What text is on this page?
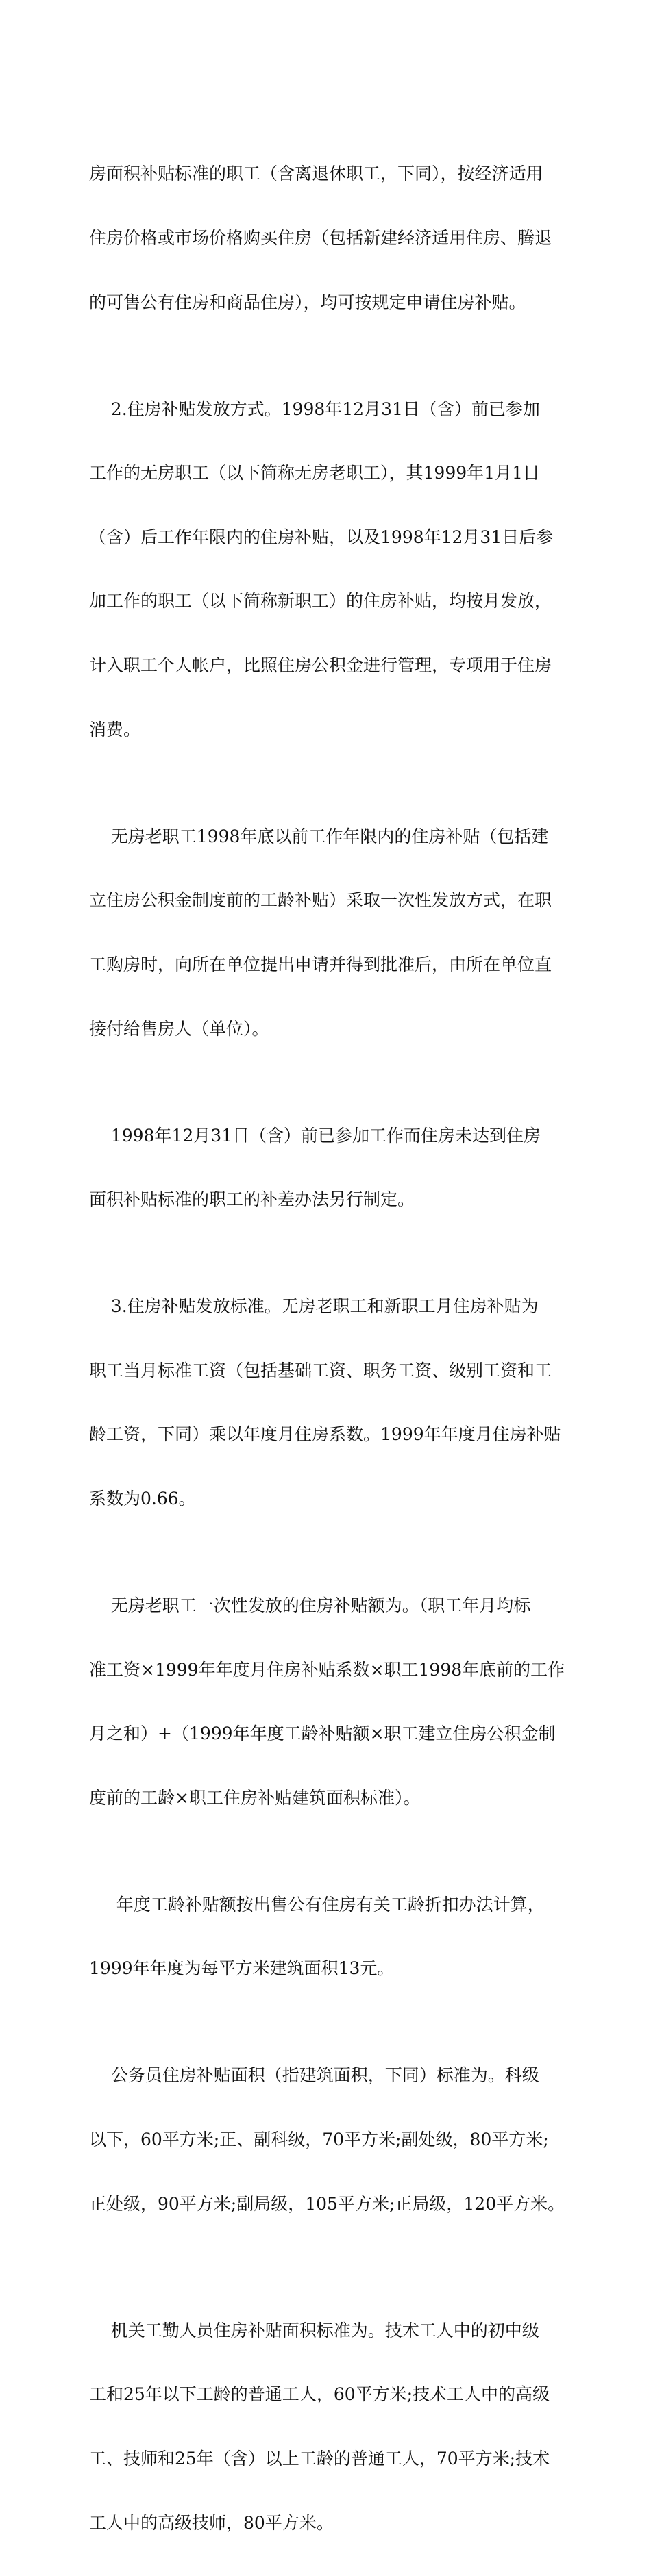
房面积补贴标准的职工（含离退休职工，下同），按经济适用

住房价格或市场价格购买住房（包括新建经济适用住房、腾退

的可售公有住房和商品住房），均可按规定申请住房补贴。

2.住房补贴发放方式。1998年12月31日（含）前已参加

工作的无房职工（以下简称无房老职工），其1999年1月1日

（含）后工作年限内的住房补贴，以及1998年12月31日后参

加工作的职工（以下简称新职工）的住房补贴，均按月发放，

计入职工个人帐户，比照住房公积金进行管理，专项用于住房

消费。

无房老职工1998年底以前工作年限内的住房补贴（包括建

立住房公积金制度前的工龄补贴）采取一次性发放方式，在职

工购房时，向所在单位提出申请并得到批准后，由所在单位直

接付给售房人（单位）。

1998年12月31日（含）前已参加工作而住房未达到住房

面积补贴标准的职工的补差办法另行制定。

3.住房补贴发放标准。无房老职工和新职工月住房补贴为

职工当月标准工资（包括基础工资、职务工资、级别工资和工

龄工资，下同）乘以年度月住房系数。1999年年度月住房补贴

系数为0.66。

无房老职工一次性发放的住房补贴额为。（职工年月均标

准工资×1999年年度月住房补贴系数×职工1998年底前的工作

月之和）+（1999年年度工龄补贴额×职工建立住房公积金制

度前的工龄×职工住房补贴建筑面积标准）。

年度工龄补贴额按出售公有住房有关工龄折扣办法计算，

1999年年度为每平方米建筑面积13元。

公务员住房补贴面积（指建筑面积，下同）标准为。科级

以下，60平方米;正、副科级，70平方米;副处级，80平方米;

正处级，90平方米;副局级，105平方米;正局级，120平方米。

机关工勤人员住房补贴面积标准为。技术工人中的初中级

工和25年以下工龄的普通工人，60平方米;技术工人中的高级

工、技师和25年（含）以上工龄的普通工人，70平方米;技术

工人中的高级技师，80平方米。
